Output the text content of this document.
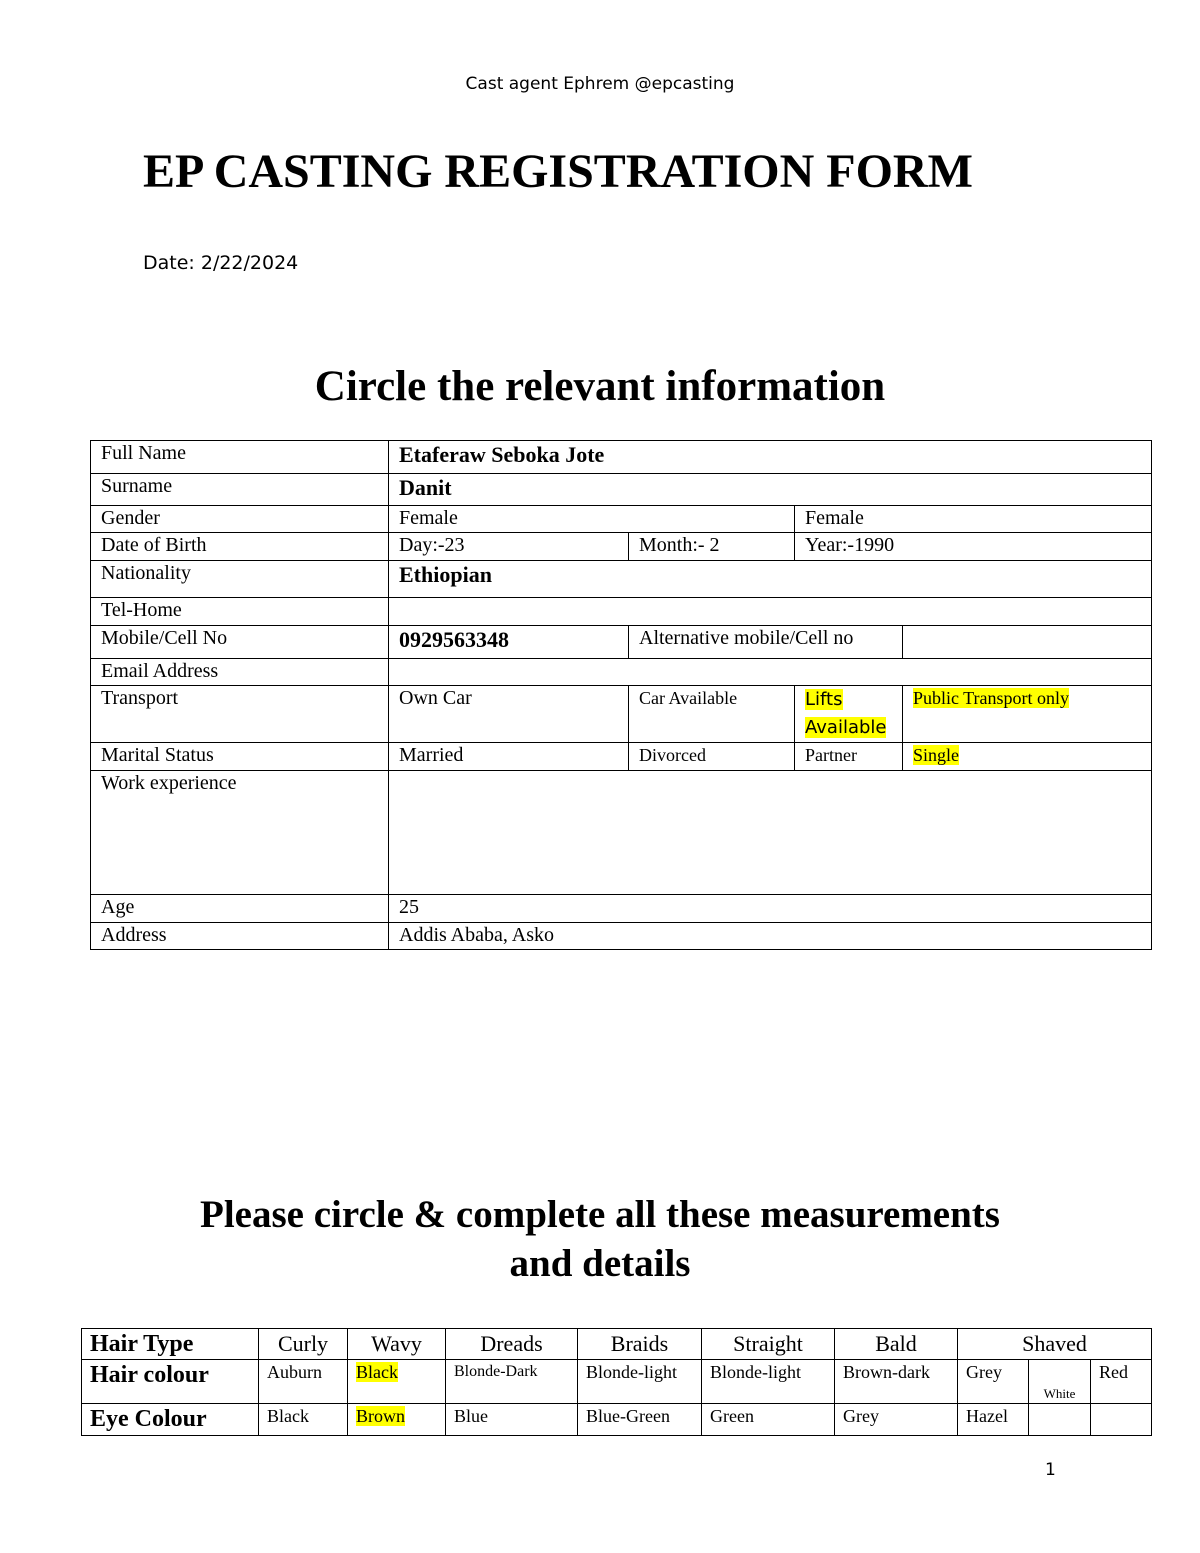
Cast agent Ephrem @epcasting
EP CASTING REGISTRATION FORM
Date: 2/22/2024
Circle the relevant information
Full Name	Etaferaw Seboka Jote			
Surname	Danit			
Gender	Female		Female	
Date of Birth	Day:-23	Month:- 2	Year:-1990	
Nationality	Ethiopian			
Tel-Home				
Mobile/Cell No	0929563348	Alternative mobile/Cell no		
Email Address				
Transport	Own Car	Car Available	Lifts Available	Public Transport only
Marital Status	Married	Divorced	Partner	Single
Work experience				
Age	25			
Address	Addis Ababa, Asko			
Please circle & complete all these measurements
and details
Hair Type	Curly	Wavy	Dreads	Braids	Straight	Bald	Shaved		
Hair colour	Auburn	Black	Blonde-Dark	Blonde-light	Blonde-light	Brown-dark	Grey	White	Red
Eye Colour	Black	Brown	Blue	Blue-Green	Green	Grey	Hazel		
1
